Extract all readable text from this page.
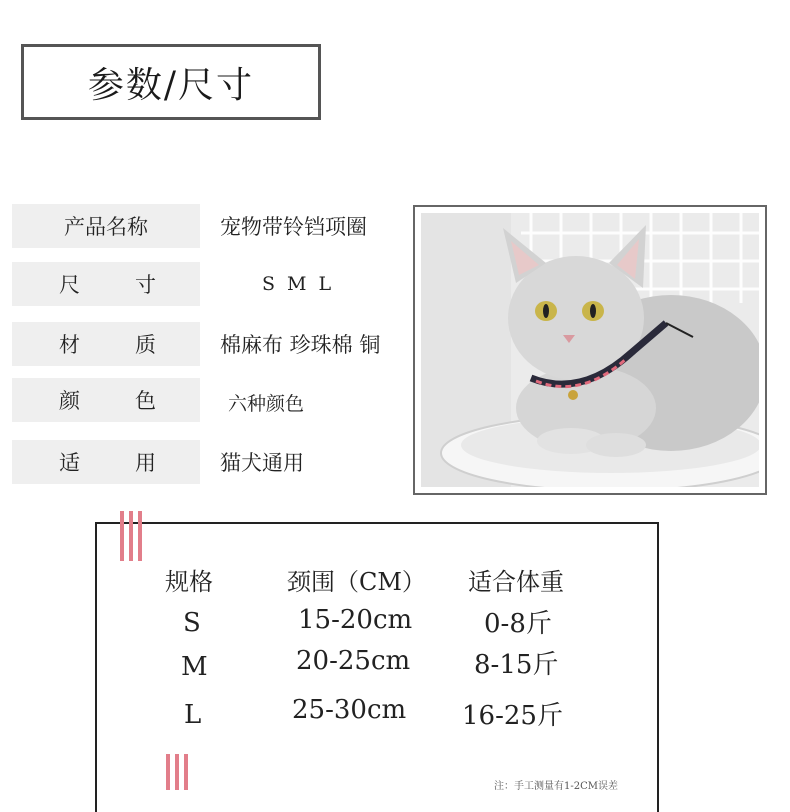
参数/尺寸
产品名称	宠物带铃铛项圈
尺	寸	S M L
材	质	棉麻布 珍珠棉 铜
颜	色	六种颜色
适	用	猫犬通用
规格	颈围（CM） 适合体重
S	15-20cm	0-8斤
M	20-25cm 8-15斤
L	25-30cm 16-25斤
注：手工测量有1-2CM误差
